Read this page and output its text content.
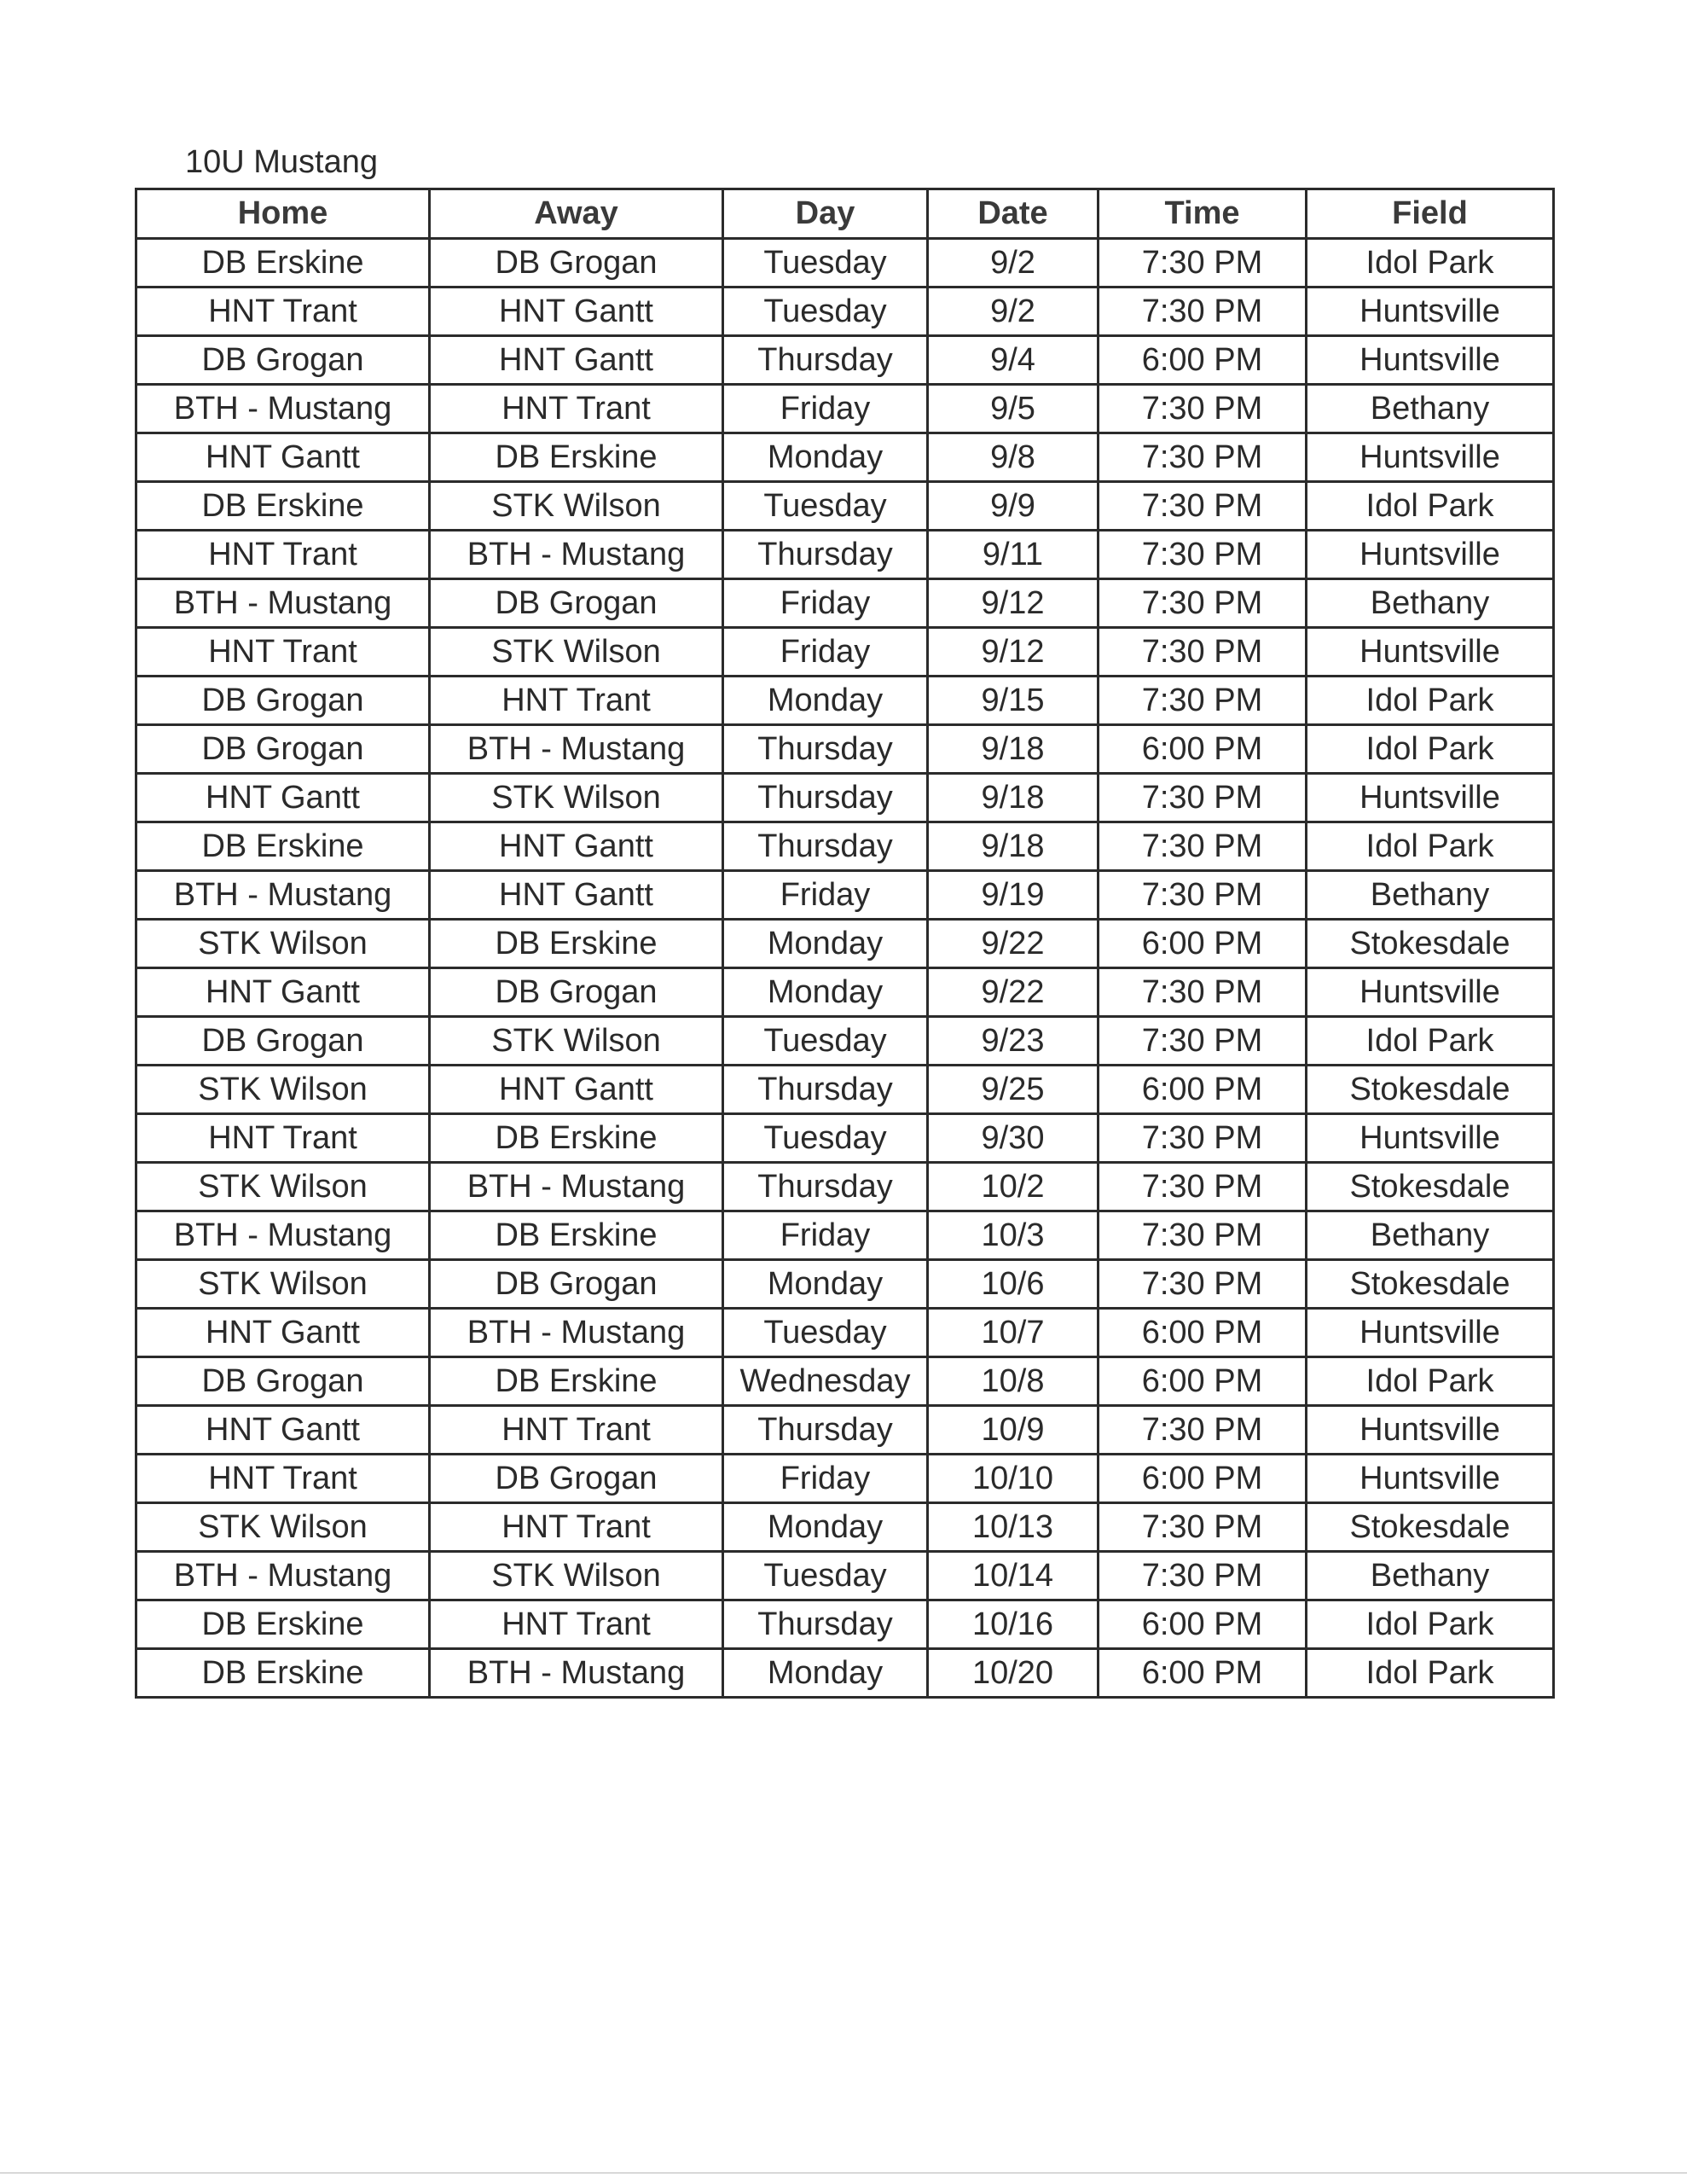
10U Mustang
Home	Away	Day	Date	Time	Field
DB Erskine	DB Grogan	Tuesday	9/2	7:30 PM	Idol Park
HNT Trant	HNT Gantt	Tuesday	9/2	7:30 PM	Huntsville
DB Grogan	HNT Gantt	Thursday	9/4	6:00 PM	Huntsville
BTH - Mustang	HNT Trant	Friday	9/5	7:30 PM	Bethany
HNT Gantt	DB Erskine	Monday	9/8	7:30 PM	Huntsville
DB Erskine	STK Wilson	Tuesday	9/9	7:30 PM	Idol Park
HNT Trant	BTH - Mustang	Thursday	9/11	7:30 PM	Huntsville
BTH - Mustang	DB Grogan	Friday	9/12	7:30 PM	Bethany
HNT Trant	STK Wilson	Friday	9/12	7:30 PM	Huntsville
DB Grogan	HNT Trant	Monday	9/15	7:30 PM	Idol Park
DB Grogan	BTH - Mustang	Thursday	9/18	6:00 PM	Idol Park
HNT Gantt	STK Wilson	Thursday	9/18	7:30 PM	Huntsville
DB Erskine	HNT Gantt	Thursday	9/18	7:30 PM	Idol Park
BTH - Mustang	HNT Gantt	Friday	9/19	7:30 PM	Bethany
STK Wilson	DB Erskine	Monday	9/22	6:00 PM	Stokesdale
HNT Gantt	DB Grogan	Monday	9/22	7:30 PM	Huntsville
DB Grogan	STK Wilson	Tuesday	9/23	7:30 PM	Idol Park
STK Wilson	HNT Gantt	Thursday	9/25	6:00 PM	Stokesdale
HNT Trant	DB Erskine	Tuesday	9/30	7:30 PM	Huntsville
STK Wilson	BTH - Mustang	Thursday	10/2	7:30 PM	Stokesdale
BTH - Mustang	DB Erskine	Friday	10/3	7:30 PM	Bethany
STK Wilson	DB Grogan	Monday	10/6	7:30 PM	Stokesdale
HNT Gantt	BTH - Mustang	Tuesday	10/7	6:00 PM	Huntsville
DB Grogan	DB Erskine	Wednesday	10/8	6:00 PM	Idol Park
HNT Gantt	HNT Trant	Thursday	10/9	7:30 PM	Huntsville
HNT Trant	DB Grogan	Friday	10/10	6:00 PM	Huntsville
STK Wilson	HNT Trant	Monday	10/13	7:30 PM	Stokesdale
BTH - Mustang	STK Wilson	Tuesday	10/14	7:30 PM	Bethany
DB Erskine	HNT Trant	Thursday	10/16	6:00 PM	Idol Park
DB Erskine	BTH - Mustang	Monday	10/20	6:00 PM	Idol Park
